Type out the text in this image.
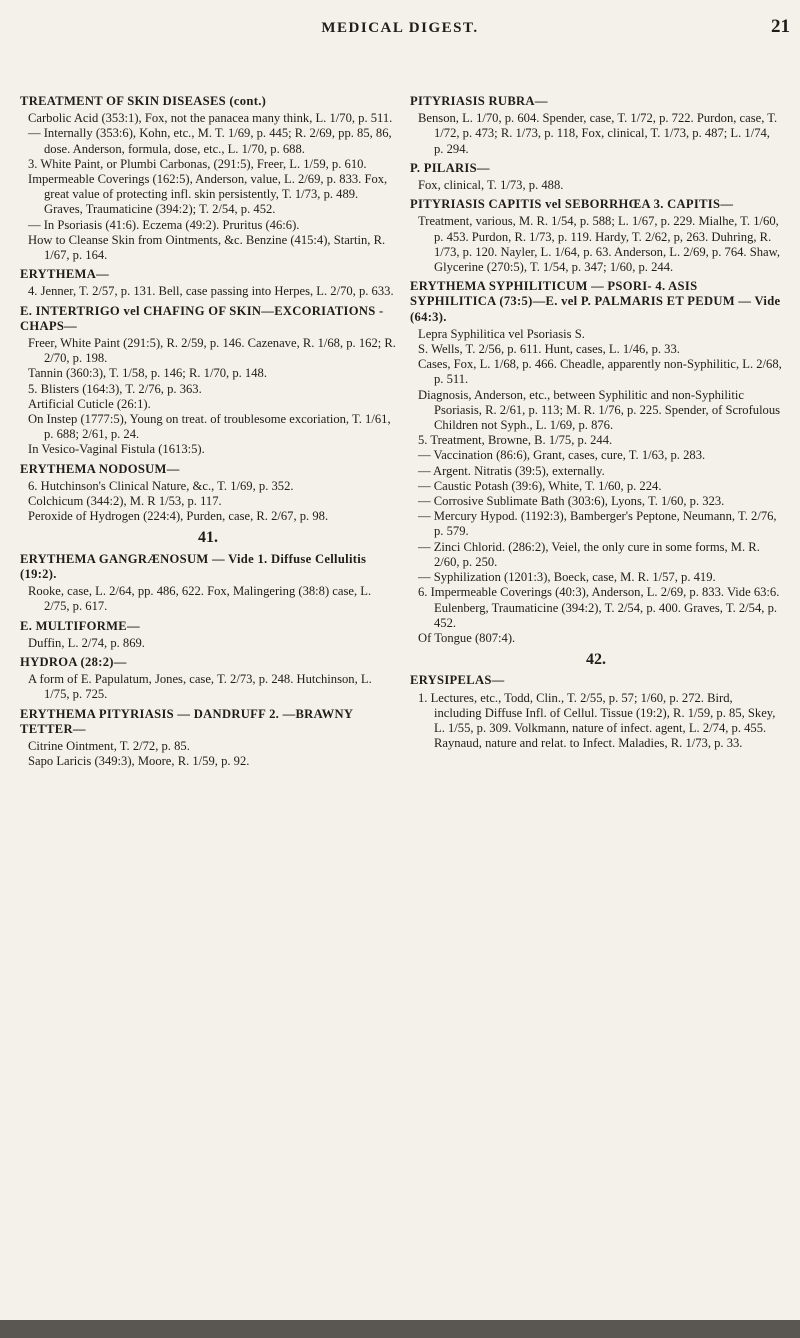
MEDICAL DIGEST.	21

TREATMENT OF SKIN DISEASES (cont.)

Carbolic Acid (353:1), Fox, not the panacea many think, L. 1/70, p. 511.

— Internally (353:6), Kohn, etc., M. T. 1/69, p. 445; R. 2/69, pp. 85, 86, dose. Anderson, formula, dose, etc., L. 1/70, p. 688.

3. White Paint, or Plumbi Carbonas, (291:5), Freer, L. 1/59, p. 610.

Impermeable Coverings (162:5), Anderson, value, L. 2/69, p. 833. Fox, great value of protecting infl. skin persistently, T. 1/73, p. 489. Graves, Traumaticine (394:2); T. 2/54, p. 452.

— In Psoriasis (41:6). Eczema (49:2). Pruritus (46:6).

How to Cleanse Skin from Ointments, &c. Benzine (415:4), Startin, R. 1/67, p. 164.

ERYTHEMA—

4. Jenner, T. 2/57, p. 131. Bell, case passing into Herpes, L. 2/70, p. 633.

E. INTERTRIGO vel CHAFING OF SKIN—EXCORIATIONS - CHAPS—

Freer, White Paint (291:5), R. 2/59, p. 146. Cazenave, R. 1/68, p. 162; R. 2/70, p. 198.

Tannin (360:3), T. 1/58, p. 146; R. 1/70, p. 148.

5. Blisters (164:3), T. 2/76, p. 363.

Artificial Cuticle (26:1).

On Instep (1777:5), Young on treat. of troublesome excoriation, T. 1/61, p. 688; 2/61, p. 24.

In Vesico-Vaginal Fistula (1613:5).

ERYTHEMA NODOSUM—

6. Hutchinson's Clinical Nature, &c., T. 1/69, p. 352.

Colchicum (344:2), M. R 1/53, p. 117.

Peroxide of Hydrogen (224:4), Purden, case, R. 2/67, p. 98.

41.

ERYTHEMA GANGRÆNOSUM — Vide 1. Diffuse Cellulitis (19:2).

Rooke, case, L. 2/64, pp. 486, 622. Fox, Malingering (38:8) case, L. 2/75, p. 617.

E. MULTIFORME—

Duffin, L. 2/74, p. 869.

HYDROA (28:2)—

A form of E. Papulatum, Jones, case, T. 2/73, p. 248. Hutchinson, L. 1/75, p. 725.

ERYTHEMA PITYRIASIS — DANDRUFF 2. —BRAWNY TETTER—

Citrine Ointment, T. 2/72, p. 85.

Sapo Laricis (349:3), Moore, R. 1/59, p. 92.

PITYRIASIS RUBRA—

Benson, L. 1/70, p. 604. Spender, case, T. 1/72, p. 722. Purdon, case, T. 1/72, p. 473; R. 1/73, p. 118, Fox, clinical, T. 1/73, p. 487; L. 1/74, p. 294.

P. PILARIS—

Fox, clinical, T. 1/73, p. 488.

PITYRIASIS CAPITIS vel SEBORRHŒA 3. CAPITIS—

Treatment, various, M. R. 1/54, p. 588; L. 1/67, p. 229. Mialhe, T. 1/60, p. 453. Purdon, R. 1/73, p. 119. Hardy, T. 2/62, p, 263. Duhring, R. 1/73, p. 120. Nayler, L. 1/64, p. 63. Anderson, L. 2/69, p. 764. Shaw, Glycerine (270:5), T. 1/54, p. 347; 1/60, p. 244.

ERYTHEMA SYPHILITICUM — PSORI- 4. ASIS SYPHILITICA (73:5)—E. vel P. PALMARIS ET PEDUM — Vide (64:3).

Lepra Syphilitica vel Psoriasis S.

S. Wells, T. 2/56, p. 611. Hunt, cases, L. 1/46, p. 33.

Cases, Fox, L. 1/68, p. 466. Cheadle, apparently non-Syphilitic, L. 2/68, p. 511.

Diagnosis, Anderson, etc., between Syphilitic and non-Syphilitic Psoriasis, R. 2/61, p. 113; M. R. 1/76, p. 225. Spender, of Scrofulous Children not Syph., L. 1/69, p. 876.

5. Treatment, Browne, B. 1/75, p. 244.

— Vaccination (86:6), Grant, cases, cure, T. 1/63, p. 283.

— Argent. Nitratis (39:5), externally.

— Caustic Potash (39:6), White, T. 1/60, p. 224.

— Corrosive Sublimate Bath (303:6), Lyons, T. 1/60, p. 323.

— Mercury Hypod. (1192:3), Bamberger's Peptone, Neumann, T. 2/76, p. 579.

— Zinci Chlorid. (286:2), Veiel, the only cure in some forms, M. R. 2/60, p. 250.

— Syphilization (1201:3), Boeck, case, M. R. 1/57, p. 419.

6. Impermeable Coverings (40:3), Anderson, L. 2/69, p. 833. Vide 63:6. Eulenberg, Traumaticine (394:2), T. 2/54, p. 400. Graves, T. 2/54, p. 452.

Of Tongue (807:4).

42.

ERYSIPELAS—

1. Lectures, etc., Todd, Clin., T. 2/55, p. 57; 1/60, p. 272. Bird, including Diffuse Infl. of Cellul. Tissue (19:2), R. 1/59, p. 85, Skey, L. 1/55, p. 309. Volkmann, nature of infect. agent, L. 2/74, p. 455. Raynaud, nature and relat. to Infect. Maladies, R. 1/73, p. 33.
